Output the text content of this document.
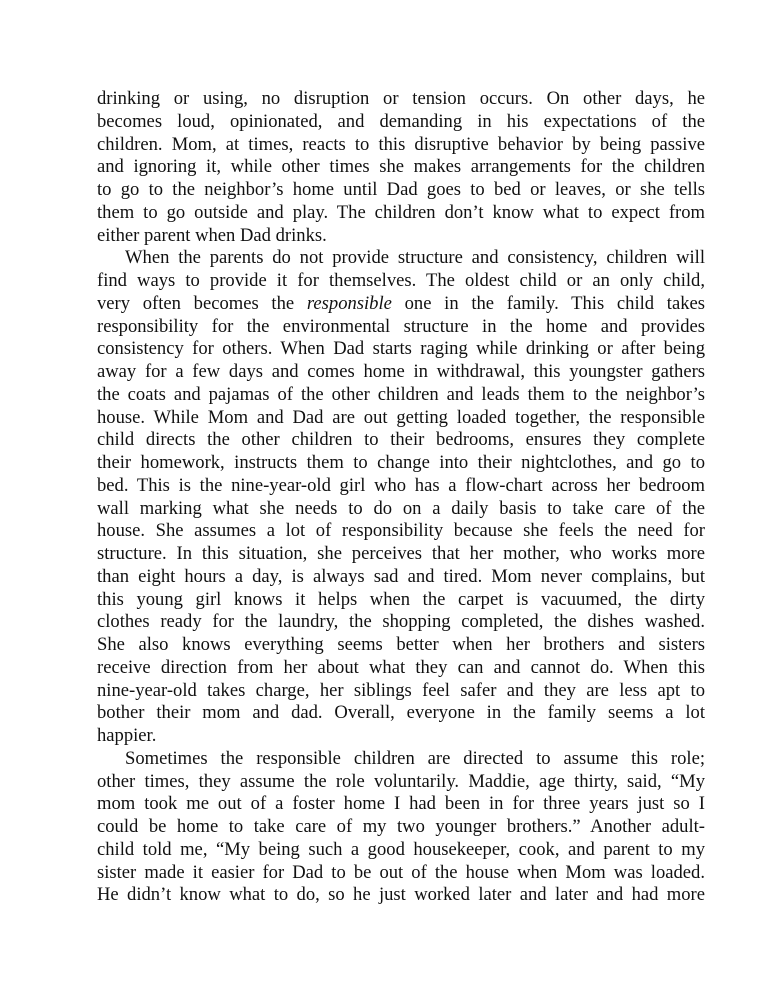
drinking or using, no disruption or tension occurs. On other days, he
becomes loud, opinionated, and demanding in his expectations of the
children. Mom, at times, reacts to this disruptive behavior by being passive
and ignoring it, while other times she makes arrangements for the children
to go to the neighbor’s home until Dad goes to bed or leaves, or she tells
them to go outside and play. The children don’t know what to expect from
either parent when Dad drinks.

When the parents do not provide structure and consistency, children will
find ways to provide it for themselves. The oldest child or an only child,
very often becomes the responsible one in the family. This child takes
responsibility for the environmental structure in the home and provides
consistency for others. When Dad starts raging while drinking or after being
away for a few days and comes home in withdrawal, this youngster gathers
the coats and pajamas of the other children and leads them to the neighbor’s
house. While Mom and Dad are out getting loaded together, the responsible
child directs the other children to their bedrooms, ensures they complete
their homework, instructs them to change into their nightclothes, and go to
bed. This is the nine-year-old girl who has a flow-chart across her bedroom
wall marking what she needs to do on a daily basis to take care of the
house. She assumes a lot of responsibility because she feels the need for
structure. In this situation, she perceives that her mother, who works more
than eight hours a day, is always sad and tired. Mom never complains, but
this young girl knows it helps when the carpet is vacuumed, the dirty
clothes ready for the laundry, the shopping completed, the dishes washed.
She also knows everything seems better when her brothers and sisters
receive direction from her about what they can and cannot do. When this
nine-year-old takes charge, her siblings feel safer and they are less apt to
bother their mom and dad. Overall, everyone in the family seems a lot
happier.

Sometimes the responsible children are directed to assume this role;
other times, they assume the role voluntarily. Maddie, age thirty, said, “My
mom took me out of a foster home I had been in for three years just so I
could be home to take care of my two younger brothers.” Another adult-
child told me, “My being such a good housekeeper, cook, and parent to my
sister made it easier for Dad to be out of the house when Mom was loaded.
He didn’t know what to do, so he just worked later and later and had more
